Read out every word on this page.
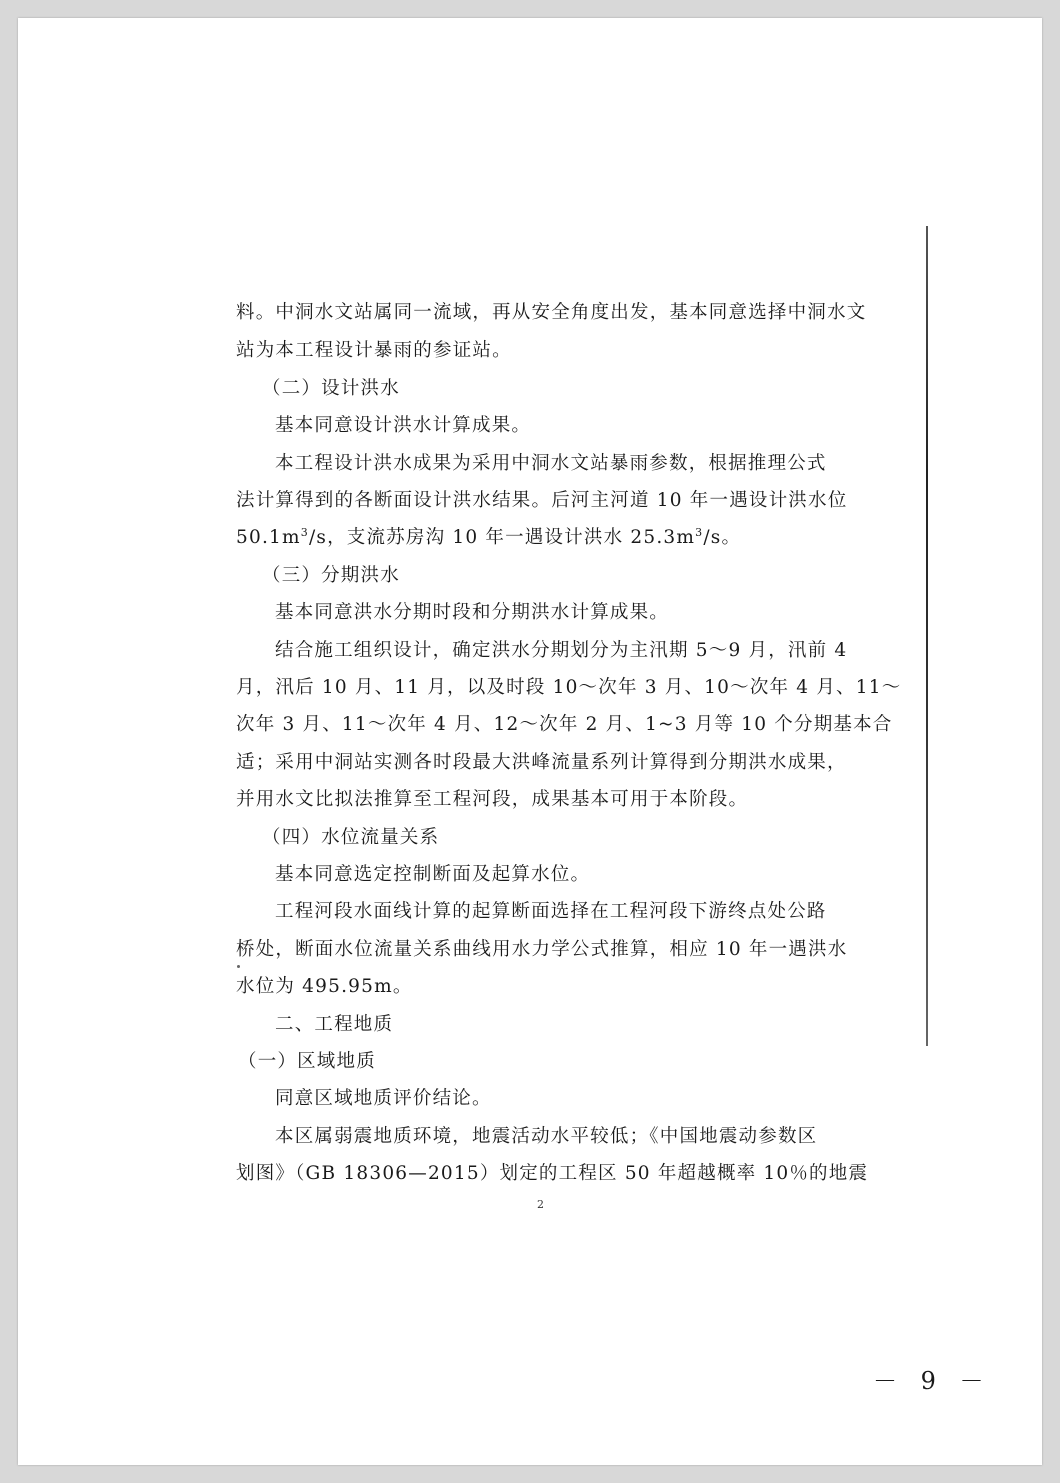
料。中洞水文站属同一流域，再从安全角度出发，基本同意选择中洞水文
站为本工程设计暴雨的参证站。
（二）设计洪水
基本同意设计洪水计算成果。
本工程设计洪水成果为采用中洞水文站暴雨参数，根据推理公式
法计算得到的各断面设计洪水结果。后河主河道 10 年一遇设计洪水位
$50.1m^3/s$，支流苏房沟 10 年一遇设计洪水 $25.3m^3/s$。
（三）分期洪水
基本同意洪水分期时段和分期洪水计算成果。
结合施工组织设计，确定洪水分期划分为主汛期 5～9 月，汛前 4
月，汛后 10 月、11 月，以及时段 10～次年 3 月、10～次年 4 月、11～
次年 3 月、11～次年 4 月、12～次年 2 月、1~3 月等 10 个分期基本合
适；采用中洞站实测各时段最大洪峰流量系列计算得到分期洪水成果，
并用水文比拟法推算至工程河段，成果基本可用于本阶段。
（四）水位流量关系
基本同意选定控制断面及起算水位。
工程河段水面线计算的起算断面选择在工程河段下游终点处公路
桥处，断面水位流量关系曲线用水力学公式推算，相应 10 年一遇洪水
水位为 495.95m。
二、工程地质
（一）区域地质
同意区域地质评价结论。
本区属弱震地质环境，地震活动水平较低；《中国地震动参数区
划图》（GB 18306—2015）划定的工程区 50 年超越概率 10％的地震
2
－ 9 －
